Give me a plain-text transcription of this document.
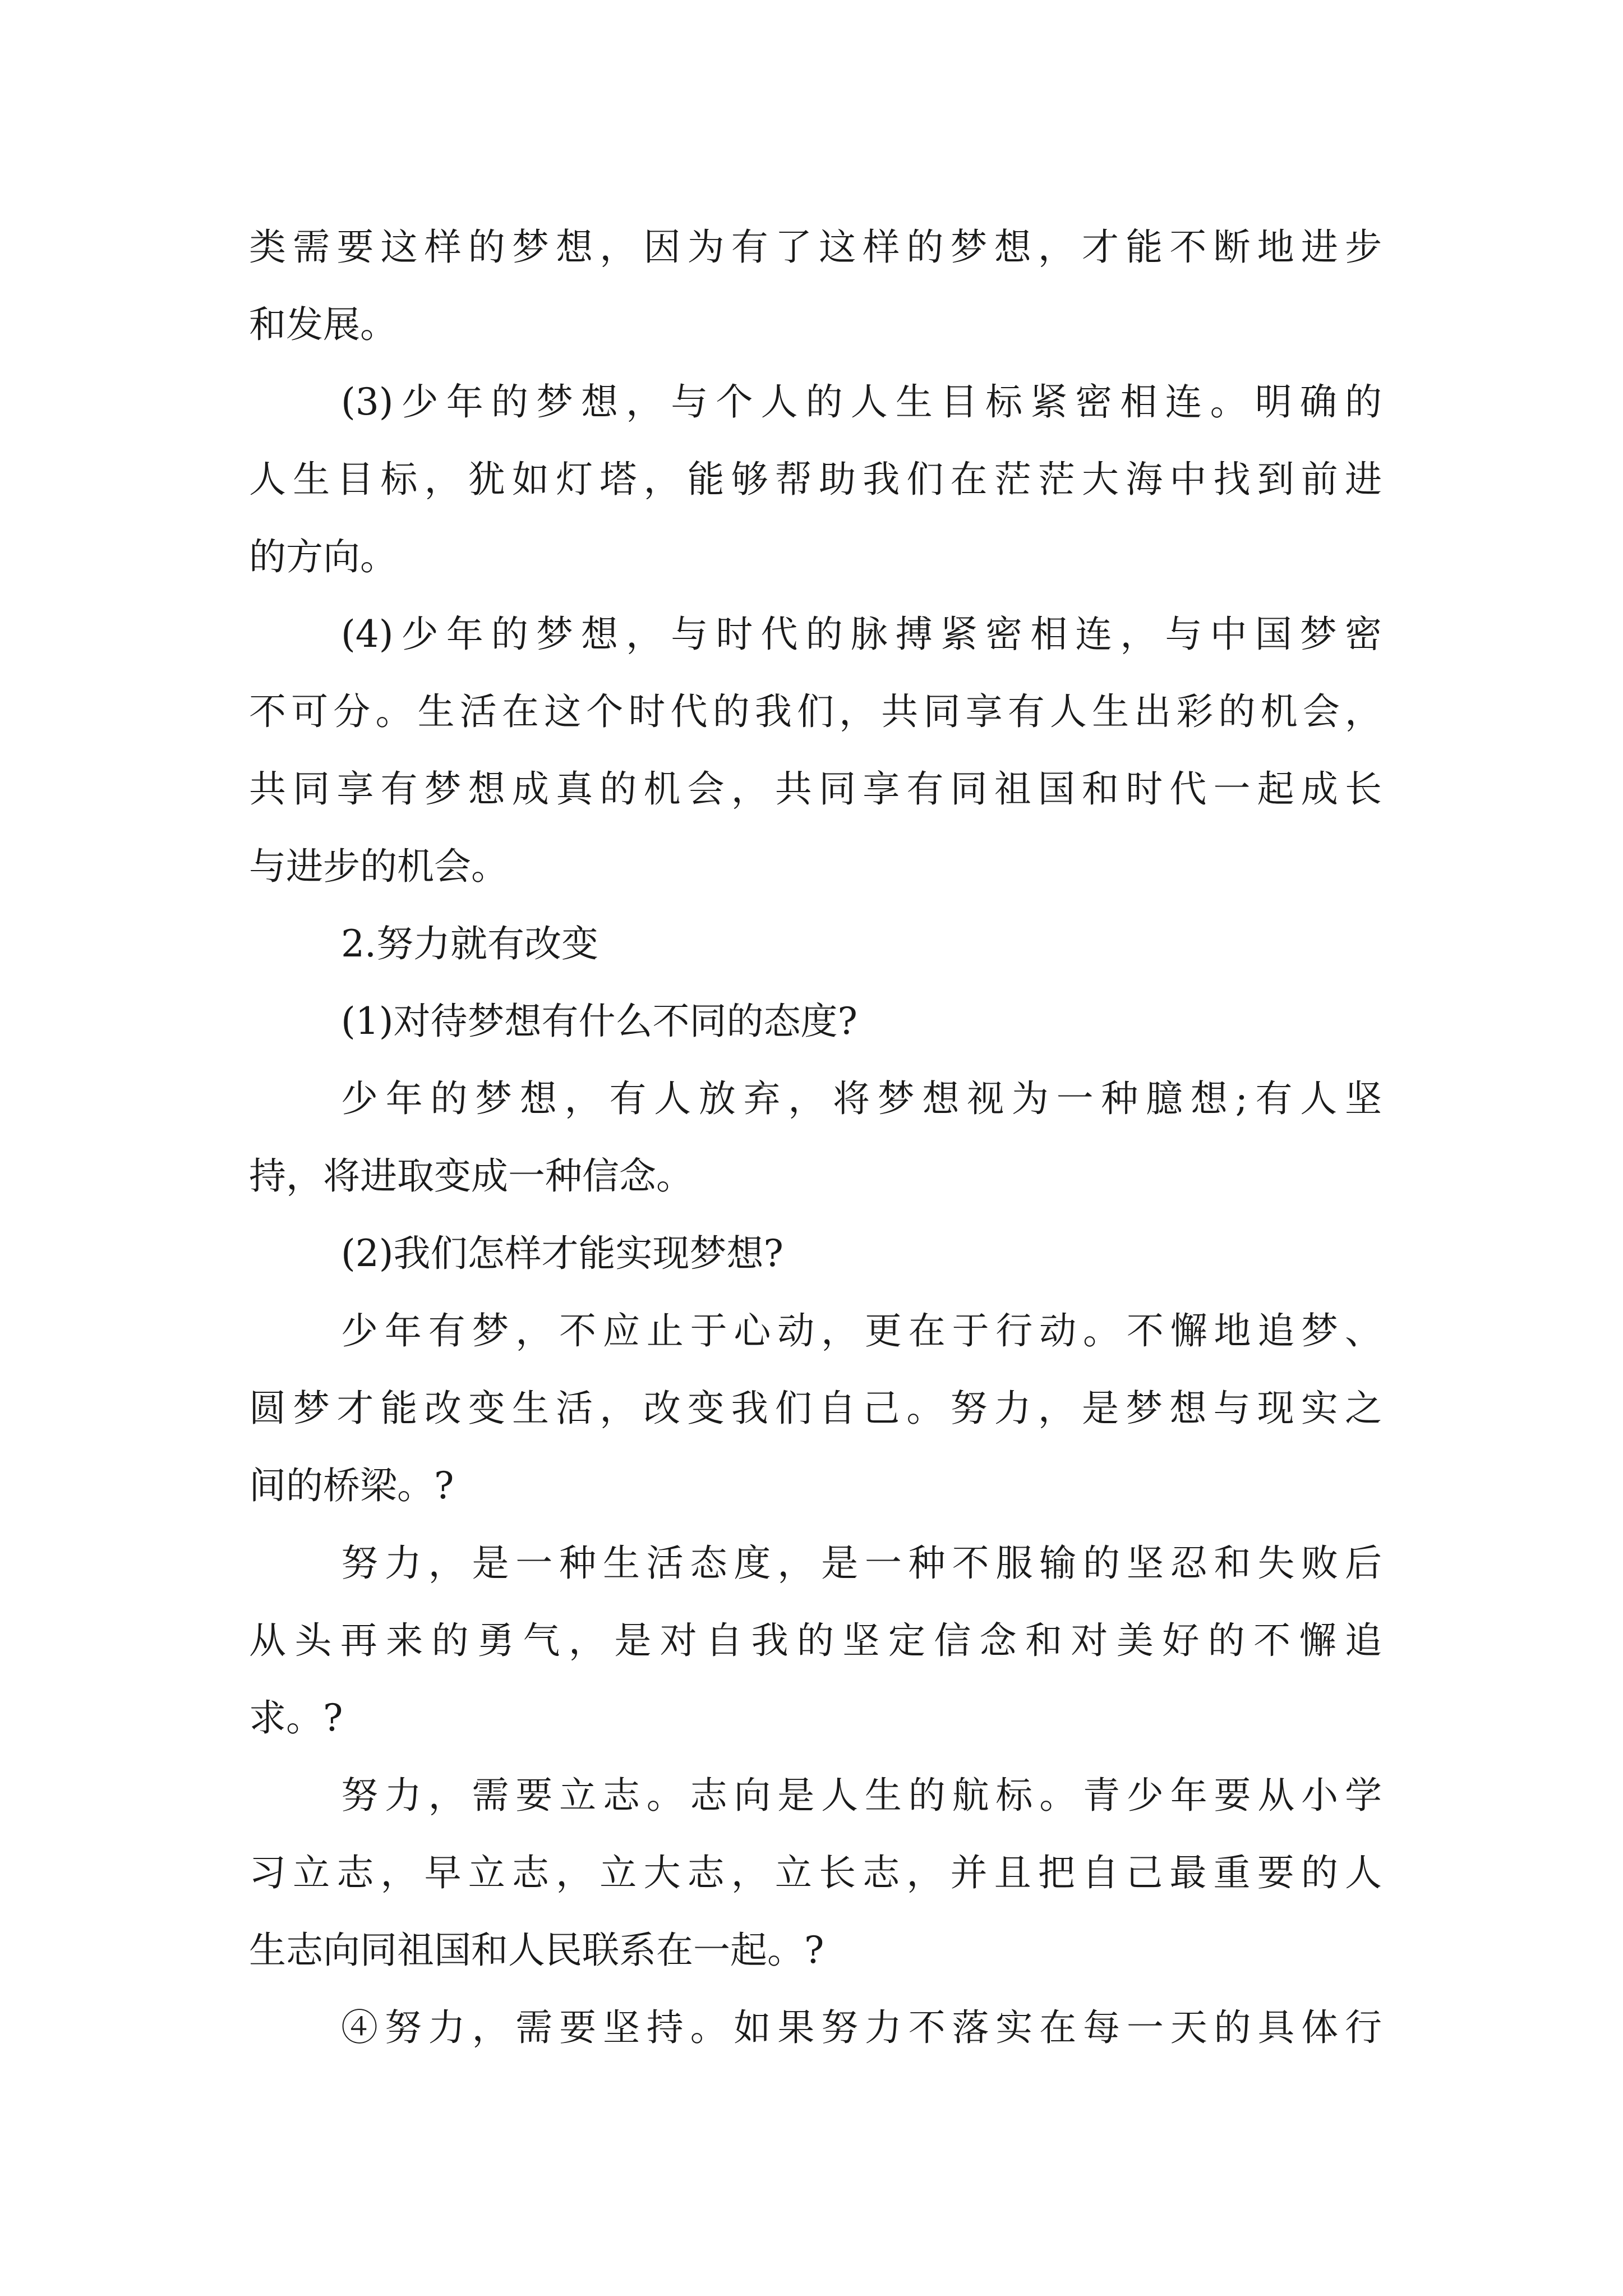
类需要这样的梦想，因为有了这样的梦想，才能不断地进步
和发展。
(3)少年的梦想，与个人的人生目标紧密相连。明确的
人生目标，犹如灯塔，能够帮助我们在茫茫大海中找到前进
的方向。
(4)少年的梦想，与时代的脉搏紧密相连，与中国梦密
不可分。生活在这个时代的我们，共同享有人生出彩的机会，
共同享有梦想成真的机会，共同享有同祖国和时代一起成长
与进步的机会。
2.努力就有改变
(1)对待梦想有什么不同的态度?
少年的梦想，有人放弃，将梦想视为一种臆想;有人坚
持，将进取变成一种信念。
(2)我们怎样才能实现梦想?
少年有梦，不应止于心动，更在于行动。不懈地追梦、
圆梦才能改变生活，改变我们自己。努力，是梦想与现实之
间的桥梁。?
努力，是一种生活态度，是一种不服输的坚忍和失败后
从头再来的勇气，是对自我的坚定信念和对美好的不懈追
求。?
努力，需要立志。志向是人生的航标。青少年要从小学
习立志，早立志，立大志，立长志，并且把自己最重要的人
生志向同祖国和人民联系在一起。?
④努力，需要坚持。如果努力不落实在每一天的具体行
